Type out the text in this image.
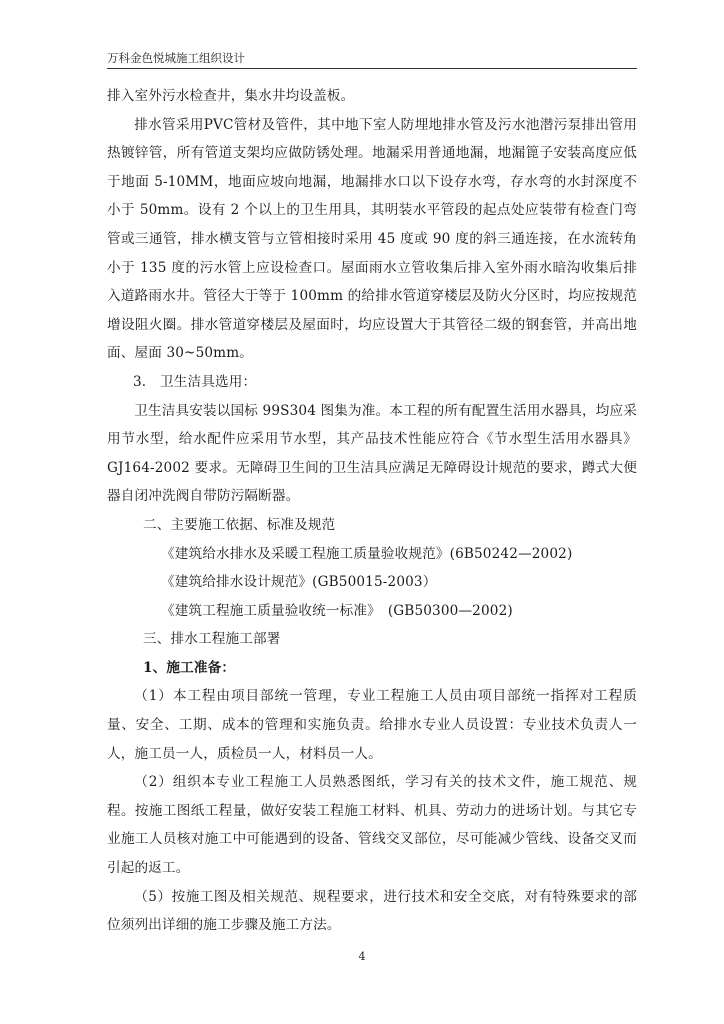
万科金色悦城施工组织设计

排入室外污水检查井，集水井均设盖板。

排水管采用PVC管材及管件，其中地下室人防埋地排水管及污水池潜污泵排出管用热镀锌管，所有管道支架均应做防锈处理。地漏采用普通地漏，地漏篦子安装高度应低于地面 5-10MM，地面应坡向地漏，地漏排水口以下设存水弯，存水弯的水封深度不小于 50mm。设有 2 个以上的卫生用具，其明装水平管段的起点处应装带有检查门弯管或三通管，排水横支管与立管相接时采用 45 度或 90 度的斜三通连接，在水流转角小于 135 度的污水管上应设检查口。屋面雨水立管收集后排入室外雨水暗沟收集后排入道路雨水井。管径大于等于 100mm 的给排水管道穿楼层及防火分区时，均应按规范增设阻火圈。排水管道穿楼层及屋面时，均应设置大于其管径二级的钢套管，并高出地面、屋面 30~50mm。

3.　卫生洁具选用：

卫生洁具安装以国标 99S304 图集为准。本工程的所有配置生活用水器具，均应采用节水型，给水配件应采用节水型，其产品技术性能应符合《节水型生活用水器具》GJ164-2002 要求。无障碍卫生间的卫生洁具应满足无障碍设计规范的要求，蹲式大便器自闭冲洗阀自带防污隔断器。

二、主要施工依据、标准及规范

《建筑给水排水及采暖工程施工质量验收规范》(6B50242—2002)

《建筑给排水设计规范》(GB50015-2003）

《建筑工程施工质量验收统一标准》　(GB50300—2002)

三、排水工程施工部署

1、施工准备：

（1）本工程由项目部统一管理，专业工程施工人员由项目部统一指挥对工程质量、安全、工期、成本的管理和实施负责。给排水专业人员设置：专业技术负责人一人，施工员一人，质检员一人，材料员一人。

（2）组织本专业工程施工人员熟悉图纸，学习有关的技术文件，施工规范、规程。按施工图纸工程量，做好安装工程施工材料、机具、劳动力的进场计划。与其它专业施工人员核对施工中可能遇到的设备、管线交叉部位，尽可能减少管线、设备交叉而引起的返工。

（5）按施工图及相关规范、规程要求，进行技术和安全交底，对有特殊要求的部位须列出详细的施工步骤及施工方法。

4
